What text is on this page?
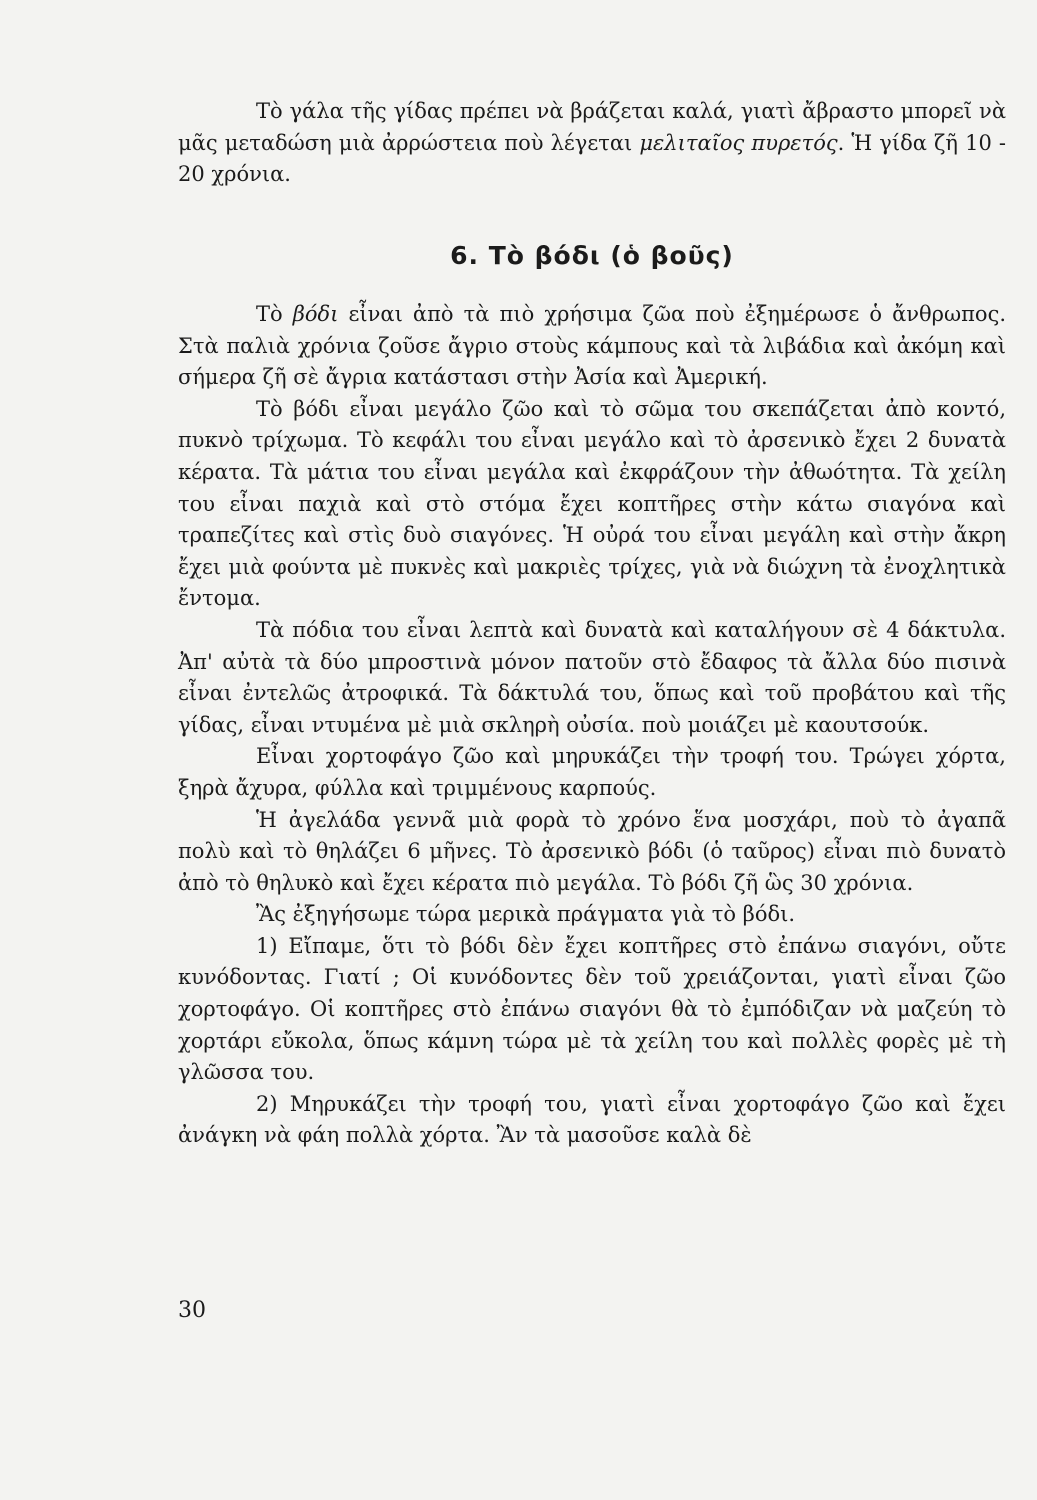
Τὸ γάλα τῆς γίδας πρέπει νὰ βράζεται καλά, γιατὶ ἄβραστο μπορεῖ νὰ μᾶς μεταδώση μιὰ ἀρρώστεια ποὺ λέγεται μελιταῖος πυρετός. Ἡ γίδα ζῆ 10 - 20 χρόνια.

6. Τὸ βόδι (ὁ βοῦς)

Τὸ βόδι εἶναι ἀπὸ τὰ πιὸ χρήσιμα ζῶα ποὺ ἐξημέρωσε ὁ ἄνθρωπος. Στὰ παλιὰ χρόνια ζοῦσε ἄγριο στοὺς κάμπους καὶ τὰ λιβάδια καὶ ἀκόμη καὶ σήμερα ζῆ σὲ ἄγρια κατάστασι στὴν Ἀσία καὶ Ἀμερική.

Τὸ βόδι εἶναι μεγάλο ζῶο καὶ τὸ σῶμα του σκεπάζεται ἀπὸ κοντό, πυκνὸ τρίχωμα. Τὸ κεφάλι του εἶναι μεγάλο καὶ τὸ ἀρσενικὸ ἔχει 2 δυνατὰ κέρατα. Τὰ μάτια του εἶναι μεγάλα καὶ ἐκφράζουν τὴν ἀθωότητα. Τὰ χείλη του εἶναι παχιὰ καὶ στὸ στόμα ἔχει κοπτῆρες στὴν κάτω σιαγόνα καὶ τραπεζίτες καὶ στὶς δυὸ σιαγόνες. Ἡ οὐρά του εἶναι μεγάλη καὶ στὴν ἄκρη ἔχει μιὰ φούντα μὲ πυκνὲς καὶ μακριὲς τρίχες, γιὰ νὰ διώχνη τὰ ἐνοχλητικὰ ἔντομα.

Τὰ πόδια του εἶναι λεπτὰ καὶ δυνατὰ καὶ καταλήγουν σὲ 4 δάκτυλα. Ἀπ' αὐτὰ τὰ δύο μπροστινὰ μόνον πατοῦν στὸ ἔδαφος τὰ ἄλλα δύο πισινὰ εἶναι ἐντελῶς ἀτροφικά. Τὰ δάκτυλά του, ὅπως καὶ τοῦ προβάτου καὶ τῆς γίδας, εἶναι ντυμένα μὲ μιὰ σκληρὴ οὐσία. ποὺ μοιάζει μὲ καουτσούκ.

Εἶναι χορτοφάγο ζῶο καὶ μηρυκάζει τὴν τροφή του. Τρώγει χόρτα, ξηρὰ ἄχυρα, φύλλα καὶ τριμμένους καρπούς.

Ἡ ἀγελάδα γεννᾶ μιὰ φορὰ τὸ χρόνο ἕνα μοσχάρι, ποὺ τὸ ἀγαπᾶ πολὺ καὶ τὸ θηλάζει 6 μῆνες. Τὸ ἀρσενικὸ βόδι (ὁ ταῦρος) εἶναι πιὸ δυνατὸ ἀπὸ τὸ θηλυκὸ καὶ ἔχει κέρατα πιὸ μεγάλα. Τὸ βόδι ζῆ ὣς 30 χρόνια.

Ἂς ἐξηγήσωμε τώρα μερικὰ πράγματα γιὰ τὸ βόδι.

1) Εἴπαμε, ὅτι τὸ βόδι δὲν ἔχει κοπτῆρες στὸ ἐπάνω σιαγόνι, οὔτε κυνόδοντας. Γιατί ; Οἱ κυνόδοντες δὲν τοῦ χρειάζονται, γιατὶ εἶναι ζῶο χορτοφάγο. Οἱ κοπτῆρες στὸ ἐπάνω σιαγόνι θὰ τὸ ἐμπόδιζαν νὰ μαζεύη τὸ χορτάρι εὔκολα, ὅπως κάμνη τώρα μὲ τὰ χείλη του καὶ πολλὲς φορὲς μὲ τὴ γλῶσσα του.

2) Μηρυκάζει τὴν τροφή του, γιατὶ εἶναι χορτοφάγο ζῶο καὶ ἔχει ἀνάγκη νὰ φάη πολλὰ χόρτα. Ἂν τὰ μασοῦσε καλὰ δὲ

30
